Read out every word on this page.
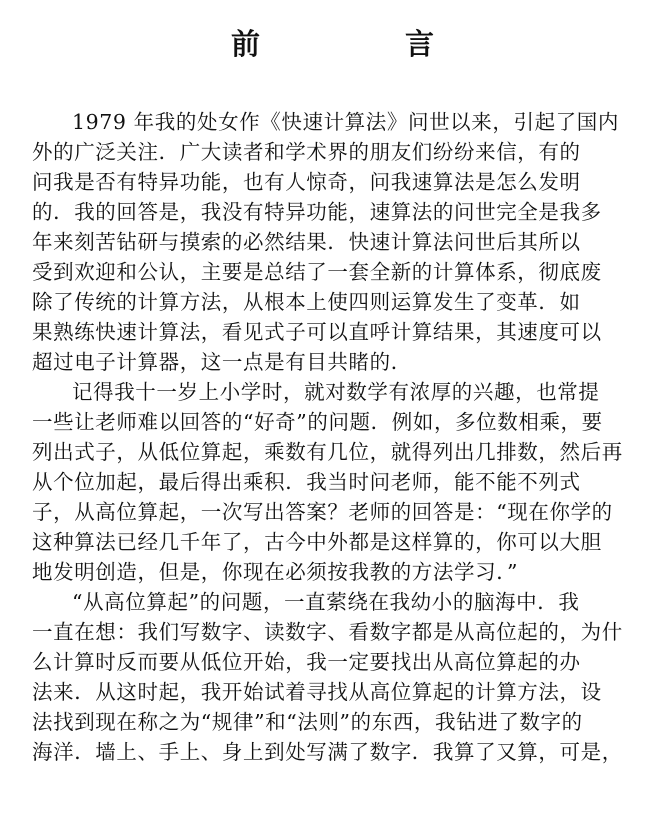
前　言
1979 年我的处女作《快速计算法》问世以来，引起了国内
外的广泛关注．广大读者和学术界的朋友们纷纷来信，有的
问我是否有特异功能，也有人惊奇，问我速算法是怎么发明
的．我的回答是，我没有特异功能，速算法的问世完全是我多
年来刻苦钻研与摸索的必然结果．快速计算法问世后其所以
受到欢迎和公认，主要是总结了一套全新的计算体系，彻底废
除了传统的计算方法，从根本上使四则运算发生了变革．如
果熟练快速计算法，看见式子可以直呼计算结果，其速度可以
超过电子计算器，这一点是有目共睹的．
记得我十一岁上小学时，就对数学有浓厚的兴趣，也常提
一些让老师难以回答的“好奇”的问题．例如，多位数相乘，要
列出式子，从低位算起，乘数有几位，就得列出几排数，然后再
从个位加起，最后得出乘积．我当时问老师，能不能不列式
子，从高位算起，一次写出答案？老师的回答是：“现在你学的
这种算法已经几千年了，古今中外都是这样算的，你可以大胆
地发明创造，但是，你现在必须按我教的方法学习．”
“从高位算起”的问题，一直萦绕在我幼小的脑海中．我
一直在想：我们写数字、读数字、看数字都是从高位起的，为什
么计算时反而要从低位开始，我一定要找出从高位算起的办
法来．从这时起，我开始试着寻找从高位算起的计算方法，设
法找到现在称之为“规律”和“法则”的东西，我钻进了数字的
海洋．墙上、手上、身上到处写满了数字．我算了又算，可是，
